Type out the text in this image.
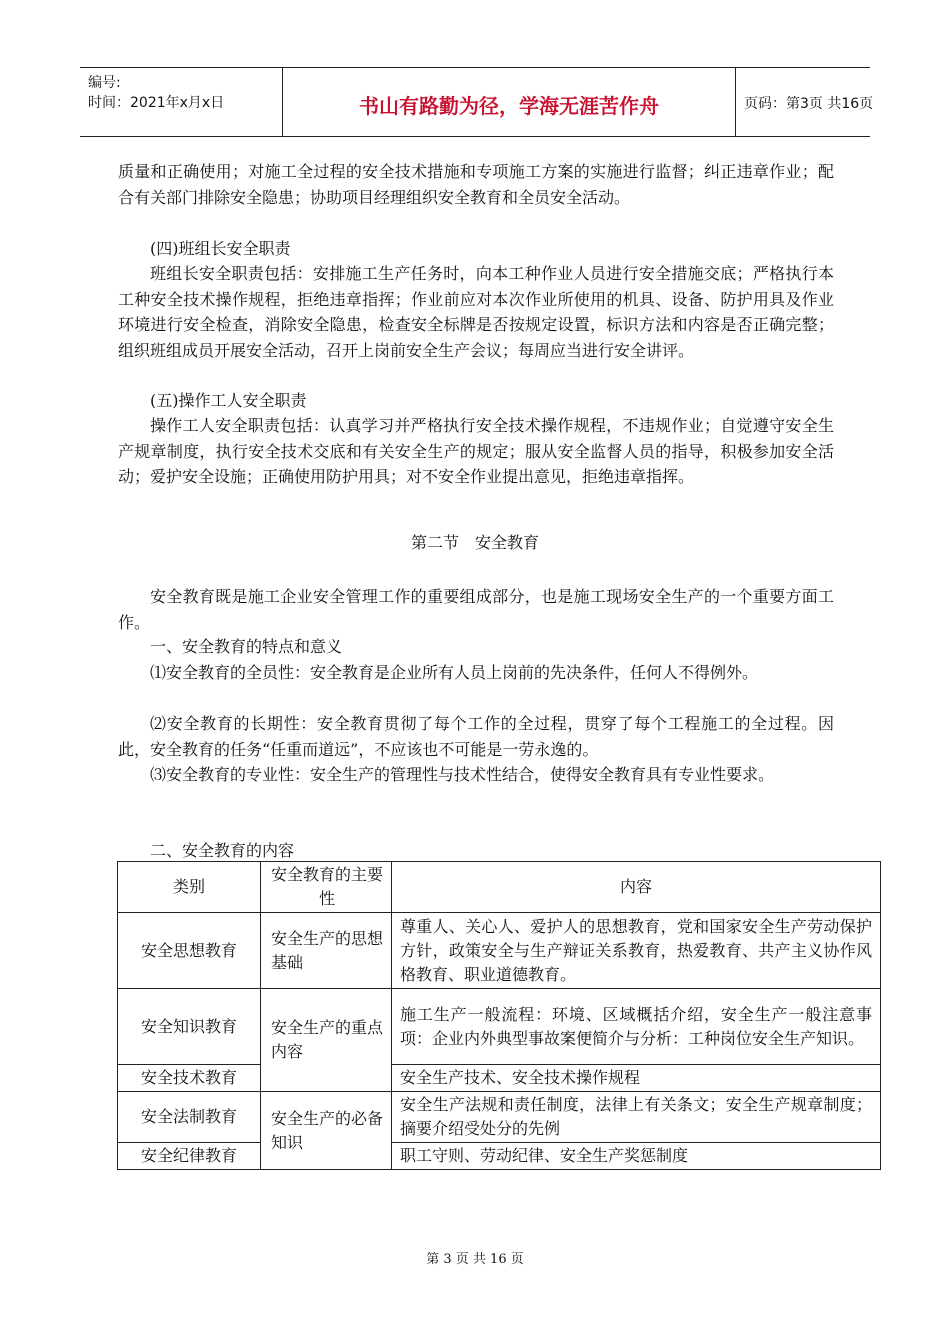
编号:
时间：2021年x月x日	书山有路勤为径，学海无涯苦作舟	页码：第3页 共16页

质量和正确使用；对施工全过程的安全技术措施和专项施工方案的实施进行监督；纠正违章作业；配合有关部门排除安全隐患；协助项目经理组织安全教育和全员安全活动。

(四)班组长安全职责

班组长安全职责包括：安排施工生产任务时，向本工种作业人员进行安全措施交底；严格执行本工种安全技术操作规程，拒绝违章指挥；作业前应对本次作业所使用的机具、设备、防护用具及作业环境进行安全检查，消除安全隐患，检查安全标牌是否按规定设置，标识方法和内容是否正确完整；组织班组成员开展安全活动，召开上岗前安全生产会议；每周应当进行安全讲评。

(五)操作工人安全职责

操作工人安全职责包括：认真学习并严格执行安全技术操作规程，不违规作业；自觉遵守安全生产规章制度，执行安全技术交底和有关安全生产的规定；服从安全监督人员的指导，积极参加安全活动；爱护安全设施；正确使用防护用具；对不安全作业提出意见，拒绝违章指挥。

第二节　安全教育

安全教育既是施工企业安全管理工作的重要组成部分，也是施工现场安全生产的一个重要方面工作。

一、安全教育的特点和意义

⑴安全教育的全员性：安全教育是企业所有人员上岗前的先决条件，任何人不得例外。

⑵安全教育的长期性：安全教育贯彻了每个工作的全过程，贯穿了每个工程施工的全过程。因此，安全教育的任务“任重而道远”，不应该也不可能是一劳永逸的。

⑶安全教育的专业性：安全生产的管理性与技术性结合，使得安全教育具有专业性要求。

二、安全教育的内容

类别	安全教育的主要性	内容
安全思想教育	安全生产的思想基础	尊重人、关心人、爱护人的思想教育，党和国家安全生产劳动保护方针，政策安全与生产辩证关系教育，热爱教育、共产主义协作风格教育、职业道德教育。
安全知识教育	安全生产的重点内容	施工生产一般流程：环境、区域概括介绍，安全生产一般注意事项：企业内外典型事故案便简介与分析：工种岗位安全生产知识。
安全技术教育		安全生产技术、安全技术操作规程
安全法制教育	安全生产的必备知识	安全生产法规和责任制度，法律上有关条文；安全生产规章制度；摘要介绍受处分的先例
安全纪律教育		职工守则、劳动纪律、安全生产奖惩制度
第 3 页 共 16 页
